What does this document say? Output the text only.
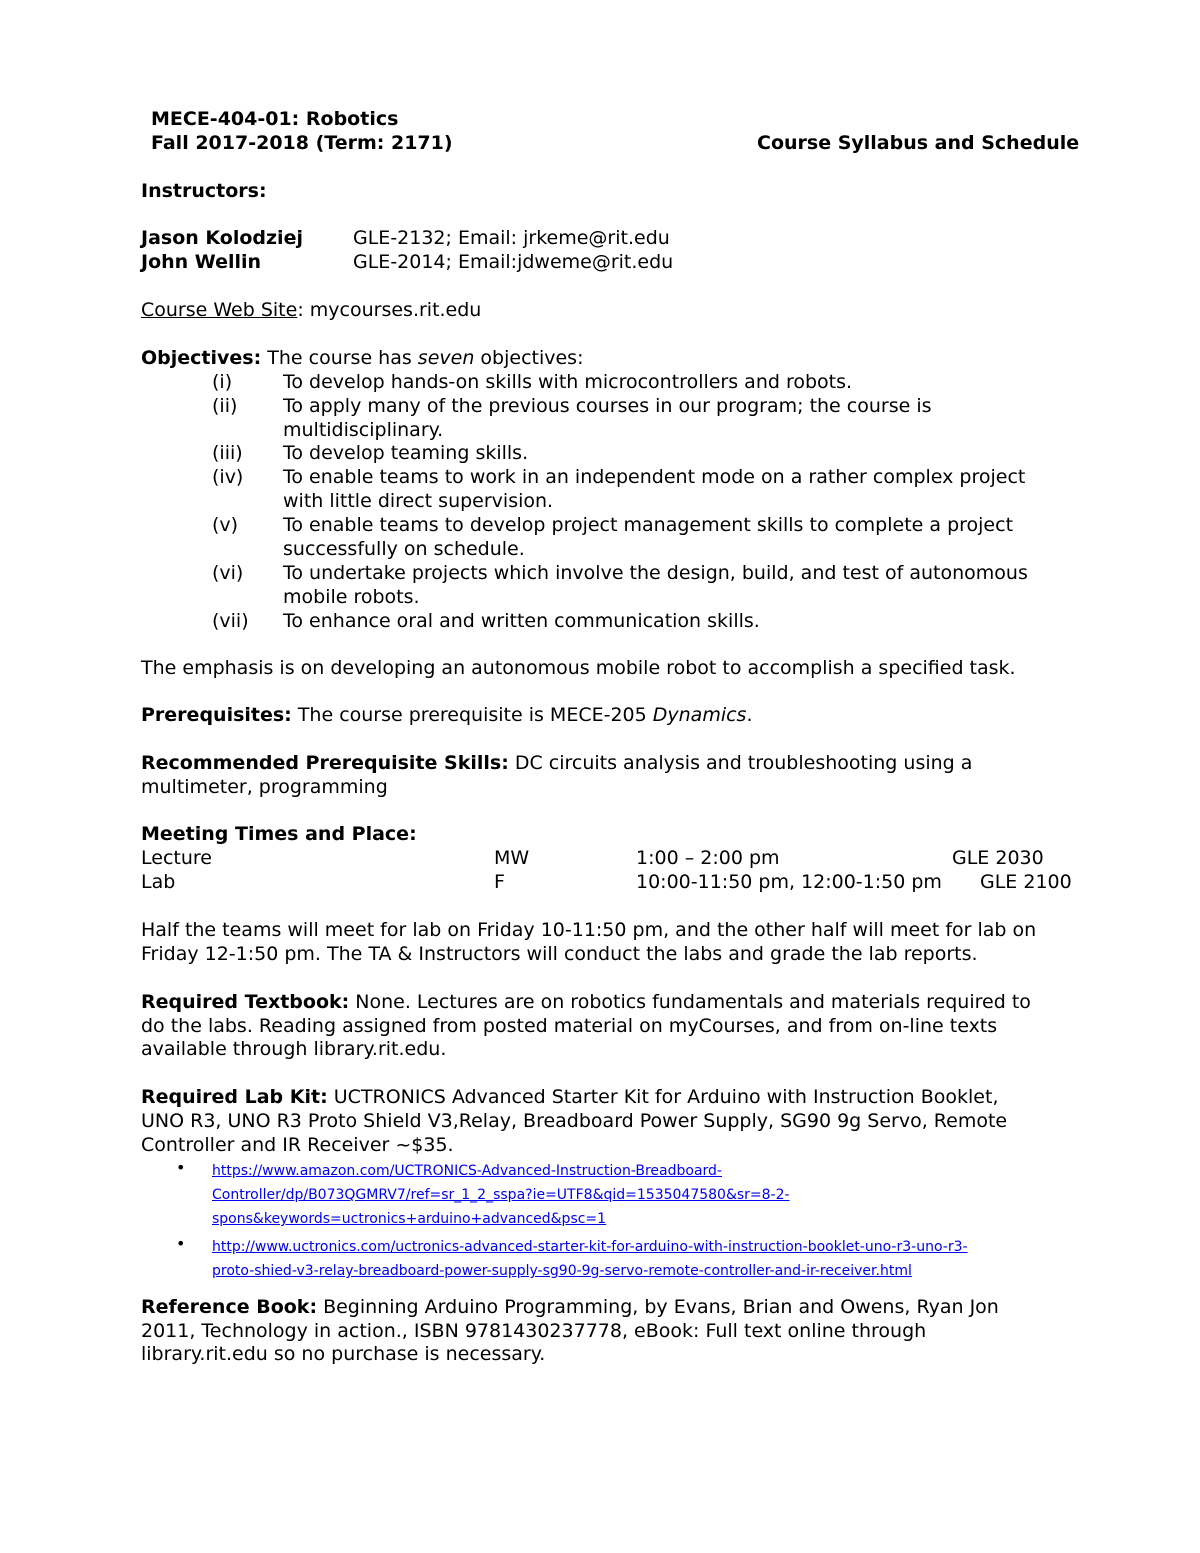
MECE-404-01: Robotics
Fall 2017-2018 (Term: 2171)	Course Syllabus and Schedule
Instructors:
Jason Kolodziej	GLE-2132; Email: jrkeme@rit.edu
John Wellin	GLE-2014; Email:jdweme@rit.edu
Course Web Site: mycourses.rit.edu
Objectives: The course has seven objectives:
(i)	To develop hands-on skills with microcontrollers and robots.
(ii) To apply many of the previous courses in our program; the course is
multidisciplinary.
(iii) To develop teaming skills.
(iv) To enable teams to work in an independent mode on a rather complex project
with little direct supervision.
(v) To enable teams to develop project management skills to complete a project
successfully on schedule.
(vi) To undertake projects which involve the design, build, and test of autonomous
mobile robots.
(vii) To enhance oral and written communication skills.
The emphasis is on developing an autonomous mobile robot to accomplish a specified task.
Prerequisites: The course prerequisite is MECE-205 Dynamics.
Recommended Prerequisite Skills: DC circuits analysis and troubleshooting using a
multimeter, programming
Meeting Times and Place:
Lecture	MW	1:00 – 2:00 pm	GLE 2030
Lab	F	10:00-11:50 pm, 12:00-1:50 pm GLE 2100
Half the teams will meet for lab on Friday 10-11:50 pm, and the other half will meet for lab on
Friday 12-1:50 pm. The TA & Instructors will conduct the labs and grade the lab reports.
Required Textbook: None. Lectures are on robotics fundamentals and materials required to
do the labs. Reading assigned from posted material on myCourses, and from on-line texts
available through library.rit.edu.
Required Lab Kit: UCTRONICS Advanced Starter Kit for Arduino with Instruction Booklet,
UNO R3, UNO R3 Proto Shield V3,Relay, Breadboard Power Supply, SG90 9g Servo, Remote
Controller and IR Receiver ~$35.
• https://www.amazon.com/UCTRONICS-Advanced-Instruction-Breadboard-
Controller/dp/B073QGMRV7/ref=sr_1_2_sspa?ie=UTF8&qid=1535047580&sr=8-2-
spons&keywords=uctronics+arduino+advanced&psc=1
• http://www.uctronics.com/uctronics-advanced-starter-kit-for-arduino-with-instruction-booklet-uno-r3-uno-r3-
proto-shied-v3-relay-breadboard-power-supply-sg90-9g-servo-remote-controller-and-ir-receiver.html
Reference Book: Beginning Arduino Programming, by Evans, Brian and Owens, Ryan Jon
2011, Technology in action., ISBN 9781430237778, eBook: Full text online through
library.rit.edu so no purchase is necessary.
